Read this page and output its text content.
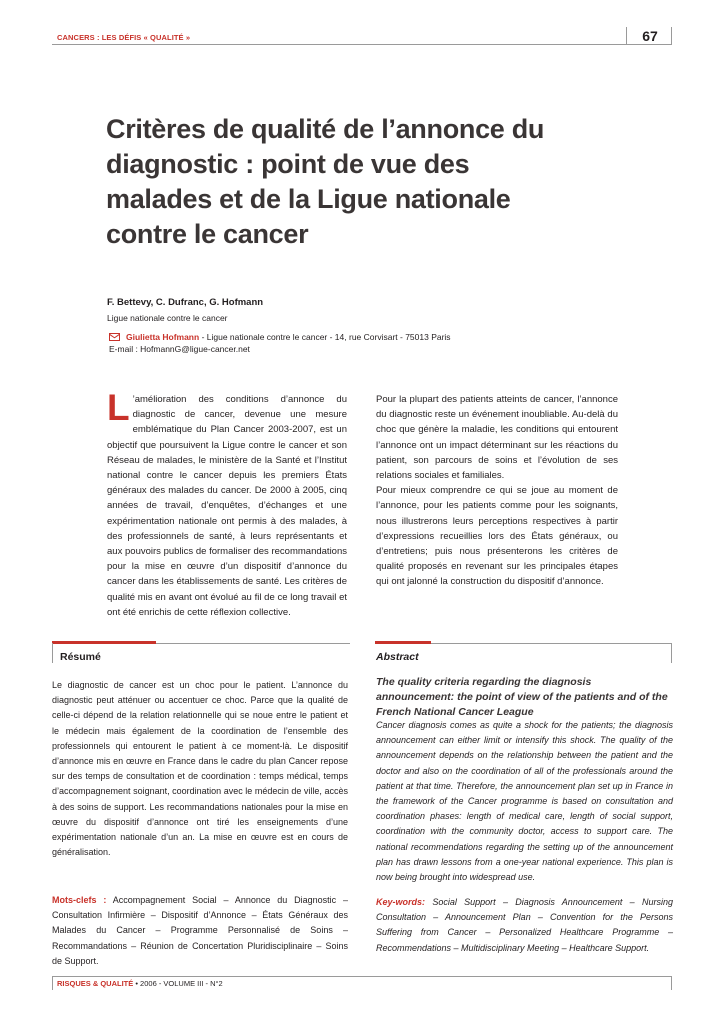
CANCERS : LES DÉFIS « QUALITÉ »	67
Critères de qualité de l’annonce du diagnostic : point de vue des malades et de la Ligue nationale contre le cancer
F. Bettevy, C. Dufranc, G. Hofmann
Ligue nationale contre le cancer
Giulietta Hofmann - Ligue nationale contre le cancer - 14, rue Corvisart - 75013 Paris
E-mail : HofmannG@ligue-cancer.net
L ’amélioration des conditions d’annonce du diagnostic de cancer, devenue une mesure emblématique du Plan Cancer 2003-2007, est un objectif que poursuivent la Ligue contre le cancer et son Réseau de malades, le ministère de la Santé et l’Institut national contre le cancer depuis les premiers États généraux des malades du cancer. De 2000 à 2005, cinq années de travail, d’enquêtes, d’échanges et une expérimentation nationale ont permis à des malades, à des professionnels de santé, à leurs représentants et aux pouvoirs publics de formaliser des recommandations pour la mise en œuvre d’un dispositif d’annonce du cancer dans les établissements de santé. Les critères de qualité mis en avant ont évolué au fil de ce long travail et ont été enrichis de cette réflexion collective.

Pour la plupart des patients atteints de cancer, l’annonce du diagnostic reste un événement inoubliable. Au-delà du choc que génère la maladie, les conditions qui entourent l’annonce ont un impact déterminant sur les réactions du patient, son parcours de soins et l’évolution de ses relations sociales et familiales.

Pour mieux comprendre ce qui se joue au moment de l’annonce, pour les patients comme pour les soignants, nous illustrerons leurs perceptions respectives à partir d’expressions recueillies lors des États généraux, ou d’entretiens; puis nous présenterons les critères de qualité proposés en revenant sur les principales étapes qui ont jalonné la construction du dispositif d’annonce.

Résumé	Abstract
Le diagnostic de cancer est un choc pour le patient. L’annonce du diagnostic peut atténuer ou accentuer ce choc. Parce que la qualité de celle-ci dépend de la relation relationnelle qui se noue entre le patient et le médecin mais également de la coordination de l’ensemble des professionnels qui entourent le patient à ce moment-là. Le dispositif d’annonce mis en œuvre en France dans le cadre du plan Cancer repose sur des temps de consultation et de coordination : temps médical, temps d’accompagnement soignant, coordination avec le médecin de ville, accès à des soins de support. Les recommandations nationales pour la mise en œuvre du dispositif d’annonce ont tiré les enseignements d’une expérimentation nationale d’un an. La mise en œuvre est en cours de généralisation.
Mots-clefs : Accompagnement Social – Annonce du Diagnostic – Consultation Infirmière – Dispositif d’Annonce – États Généraux des Malades du Cancer – Programme Personnalisé de Soins – Recommandations – Réunion de Concertation Pluridisciplinaire – Soins de Support.
The quality criteria regarding the diagnosis announcement: the point of view of the patients and of the French National Cancer League
Cancer diagnosis comes as quite a shock for the patients; the diagnosis announcement can either limit or intensify this shock. The quality of the announcement depends on the relationship between the patient and the doctor and also on the coordination of all of the professionals around the patient at that time. Therefore, the announcement plan set up in France in the framework of the Cancer programme is based on consultation and coordination phases: length of medical care, length of social support, coordination with the community doctor, access to support care. The national recommendations regarding the setting up of the announcement plan has drawn lessons from a one-year national experience. This plan is now being brought into widespread use.
Key-words: Social Support – Diagnosis Announcement – Nursing Consultation – Announcement Plan – Convention for the Persons Suffering from Cancer – Personalized Healthcare Programme – Recommendations – Multidisciplinary Meeting – Healthcare Support.
RISQUES & QUALITÉ • 2006 - VOLUME III - N°2
